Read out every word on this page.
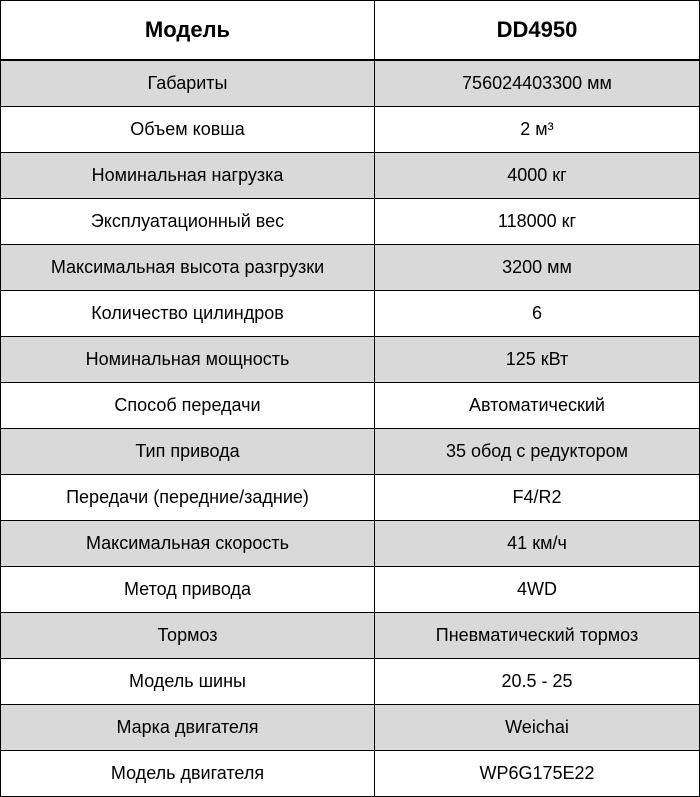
Модель	DD4950
Габариты	756024403300 мм
Объем ковша	2 м³
Номинальная нагрузка	4000 кг
Эксплуатационный вес	118000 кг
Максимальная высота разгрузки	3200 мм
Количество цилиндров	6
Номинальная мощность	125 кВт
Способ передачи	Автоматический
Тип привода	35 обод с редуктором
Передачи (передние/задние)	F4/R2
Максимальная скорость	41 км/ч
Метод привода	4WD
Тормоз	Пневматический тормоз
Модель шины	20.5 - 25
Марка двигателя	Weichai
Модель двигателя	WP6G175E22
